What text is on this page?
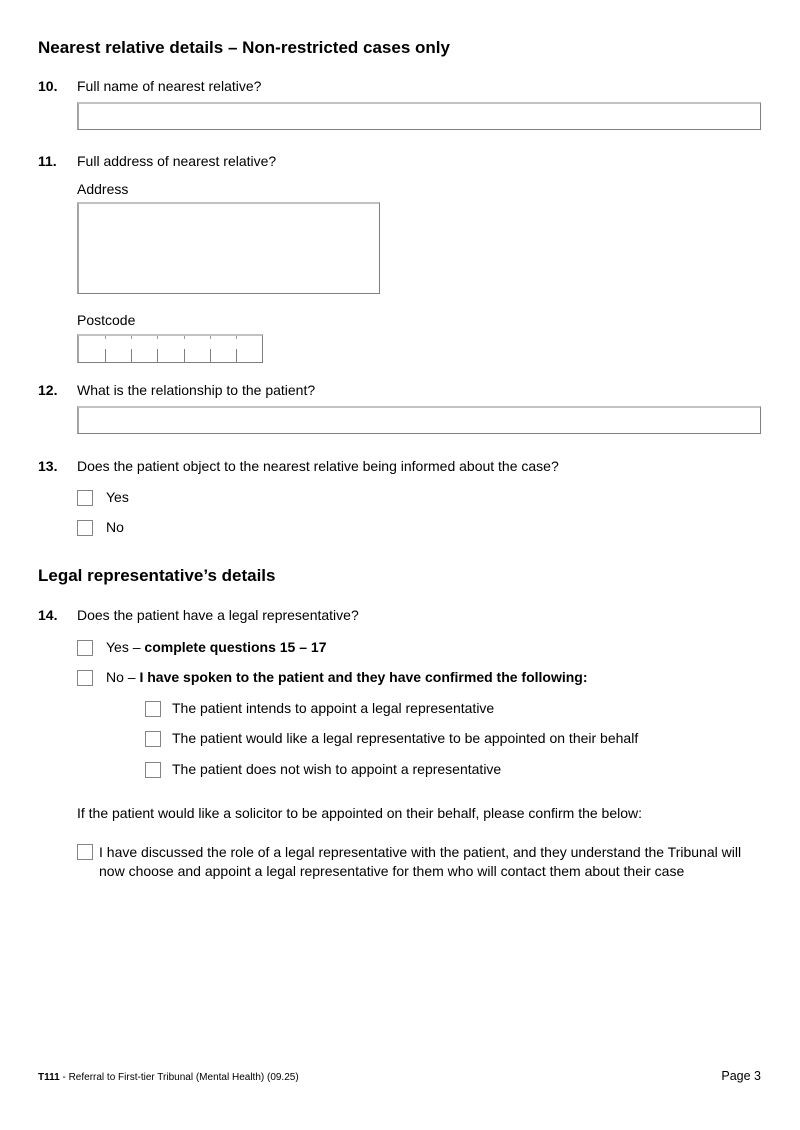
Nearest relative details – Non-restricted cases only
10.	Full name of nearest relative?
11.	Full address of nearest relative?
Address
Postcode
12.	What is the relationship to the patient?
13.	Does the patient object to the nearest relative being informed about the case?
Yes
No
Legal representative’s details
14.	Does the patient have a legal representative?
Yes – complete questions 15 – 17
No – I have spoken to the patient and they have confirmed the following:
The patient intends to appoint a legal representative
The patient would like a legal representative to be appointed on their behalf
The patient does not wish to appoint a representative
If the patient would like a solicitor to be appointed on their behalf, please confirm the below:
I have discussed the role of a legal representative with the patient, and they understand the Tribunal will now choose and appoint a legal representative for them who will contact them about their case
T111 - Referral to First-tier Tribunal (Mental Health) (09.25)	Page 3
